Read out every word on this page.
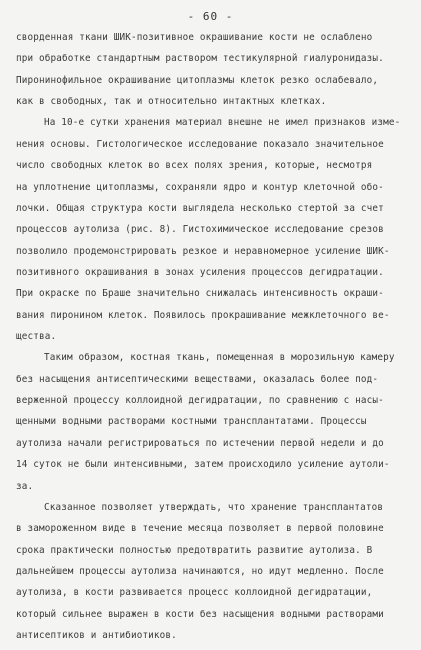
- 60 -
сворденная ткани ШИК-позитивное окрашивание кости не ослаблено
при обработке стандартным раствором тестикулярной гиалуронидазы.
Пиронинофильное окрашивание цитоплазмы клеток резко ослабевало,
как в свободных, так и относительно интактных клетках.
На 10-е сутки хранения материал внешне не имел признаков изме-
нения основы. Гистологическое исследование показало значительное
число свободных клеток во всех полях зрения, которые, несмотря
на уплотнение цитоплазмы, сохраняли ядро и контур клеточной обо-
лочки. Общая структура кости выглядела несколько стертой за счет
процессов аутолиза (рис. 8). Гистохимическое исследование срезов
позволило продемонстрировать резкое и неравномерное усиление ШИК-
позитивного окрашивания в зонах усиления процессов дегидратации.
При окраске по Браше значительно снижалась интенсивность окраши-
вания пиронином клеток. Появилось прокрашивание межклеточного ве-
щества.
Таким образом, костная ткань, помещенная в морозильную камеру
без насыщения антисептическими веществами, оказалась более под-
верженной процессу коллоидной дегидратации, по сравнению с насы-
щенными водными растворами костными трансплантатами. Процессы
аутолиза начали регистрироваться по истечении первой недели и до
14 суток не были интенсивными, затем происходило усиление аутоли-
за.
Сказанное позволяет утверждать, что хранение трансплантатов
в замороженном виде в течение месяца позволяет в первой половине
срока практически полностью предотвратить развитие аутолиза. В
дальнейшем процессы аутолиза начинаются, но идут медленно. После
аутолиза, в кости развивается процесс коллоидной дегидратации,
который сильнее выражен в кости без насыщения водными растворами
антисептиков и антибиотиков.
